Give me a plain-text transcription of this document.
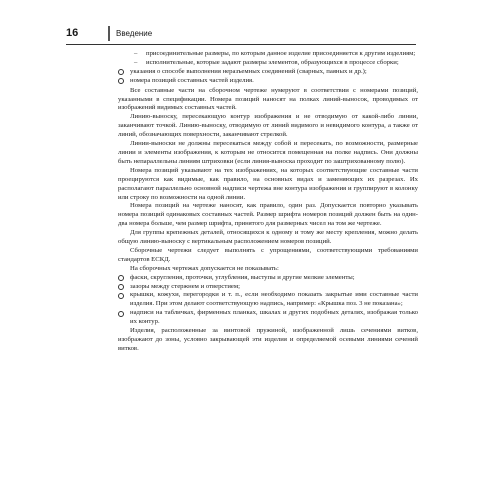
16	Введение

– присоединительные размеры, по которым данное изделие присоединяется к другим изделиям;

– исполнительные, которые задают размеры элементов, образующихся в процессе сборки;

указания о способе выполнения неразъемных соединений (сварных, паяных и др.);

номера позиций составных частей изделия.

Все составные части на сборочном чертеже нумеруют в соответствии с номерами позиций, указанными в спецификации. Номера позиций наносят на полках линий-выносок, проводимых от изображений видимых составных частей.

Линию-выноску, пересекающую контур изображения и не отводимую от какой-либо линии, заканчивают точкой. Линию-выноску, отводимую от линий видимого и невидимого контура, а также от линий, обозначающих поверхности, заканчивают стрелкой.

Линии-выноски не должны пересекаться между собой и пересекать, по возможности, размерные линии и элементы изображения, к которым не относится помещенная на полке надпись. Они должны быть непараллельны линиям штриховки (если линия-выноска проходит по заштрихованному полю).

Номера позиций указывают на тех изображениях, на которых соответствующие составные части проецируются как видимые, как правило, на основных видах и заменяющих их разрезах. Их располагают параллельно основной надписи чертежа вне контура изображения и группируют в колонку или строку по возможности на одной линии.

Номера позиций на чертеже наносят, как правило, один раз. Допускается повторно указывать номера позиций одинаковых составных частей. Размер шрифта номеров позиций должен быть на один-два номера больше, чем размер шрифта, принятого для размерных чисел на том же чертеже.

Для группы крепежных деталей, относящихся к одному и тому же месту крепления, можно делать общую линию-выноску с вертикальным расположением номеров позиций.

Сборочные чертежи следует выполнять с упрощениями, соответствующими требованиями стандартов ЕСКД.

На сборочных чертежах допускается не показывать:

фаски, скругления, проточки, углубления, выступы и другие мелкие элементы;

зазоры между стержнем и отверстием;

крышки, кожухи, перегородки и т. п., если необходимо показать закрытые ими составные части изделия. При этом делают соответствующую надпись, например: «Крышка поз. 3 не показана»;

надписи на табличках, фирменных планках, шкалах и других подобных деталях, изображая только их контур.

Изделия, расположенные за винтовой пружиной, изображенной лишь сечениями витков, изображают до зоны, условно закрывающей эти изделия и определяемой осевыми линиями сечений витков.
